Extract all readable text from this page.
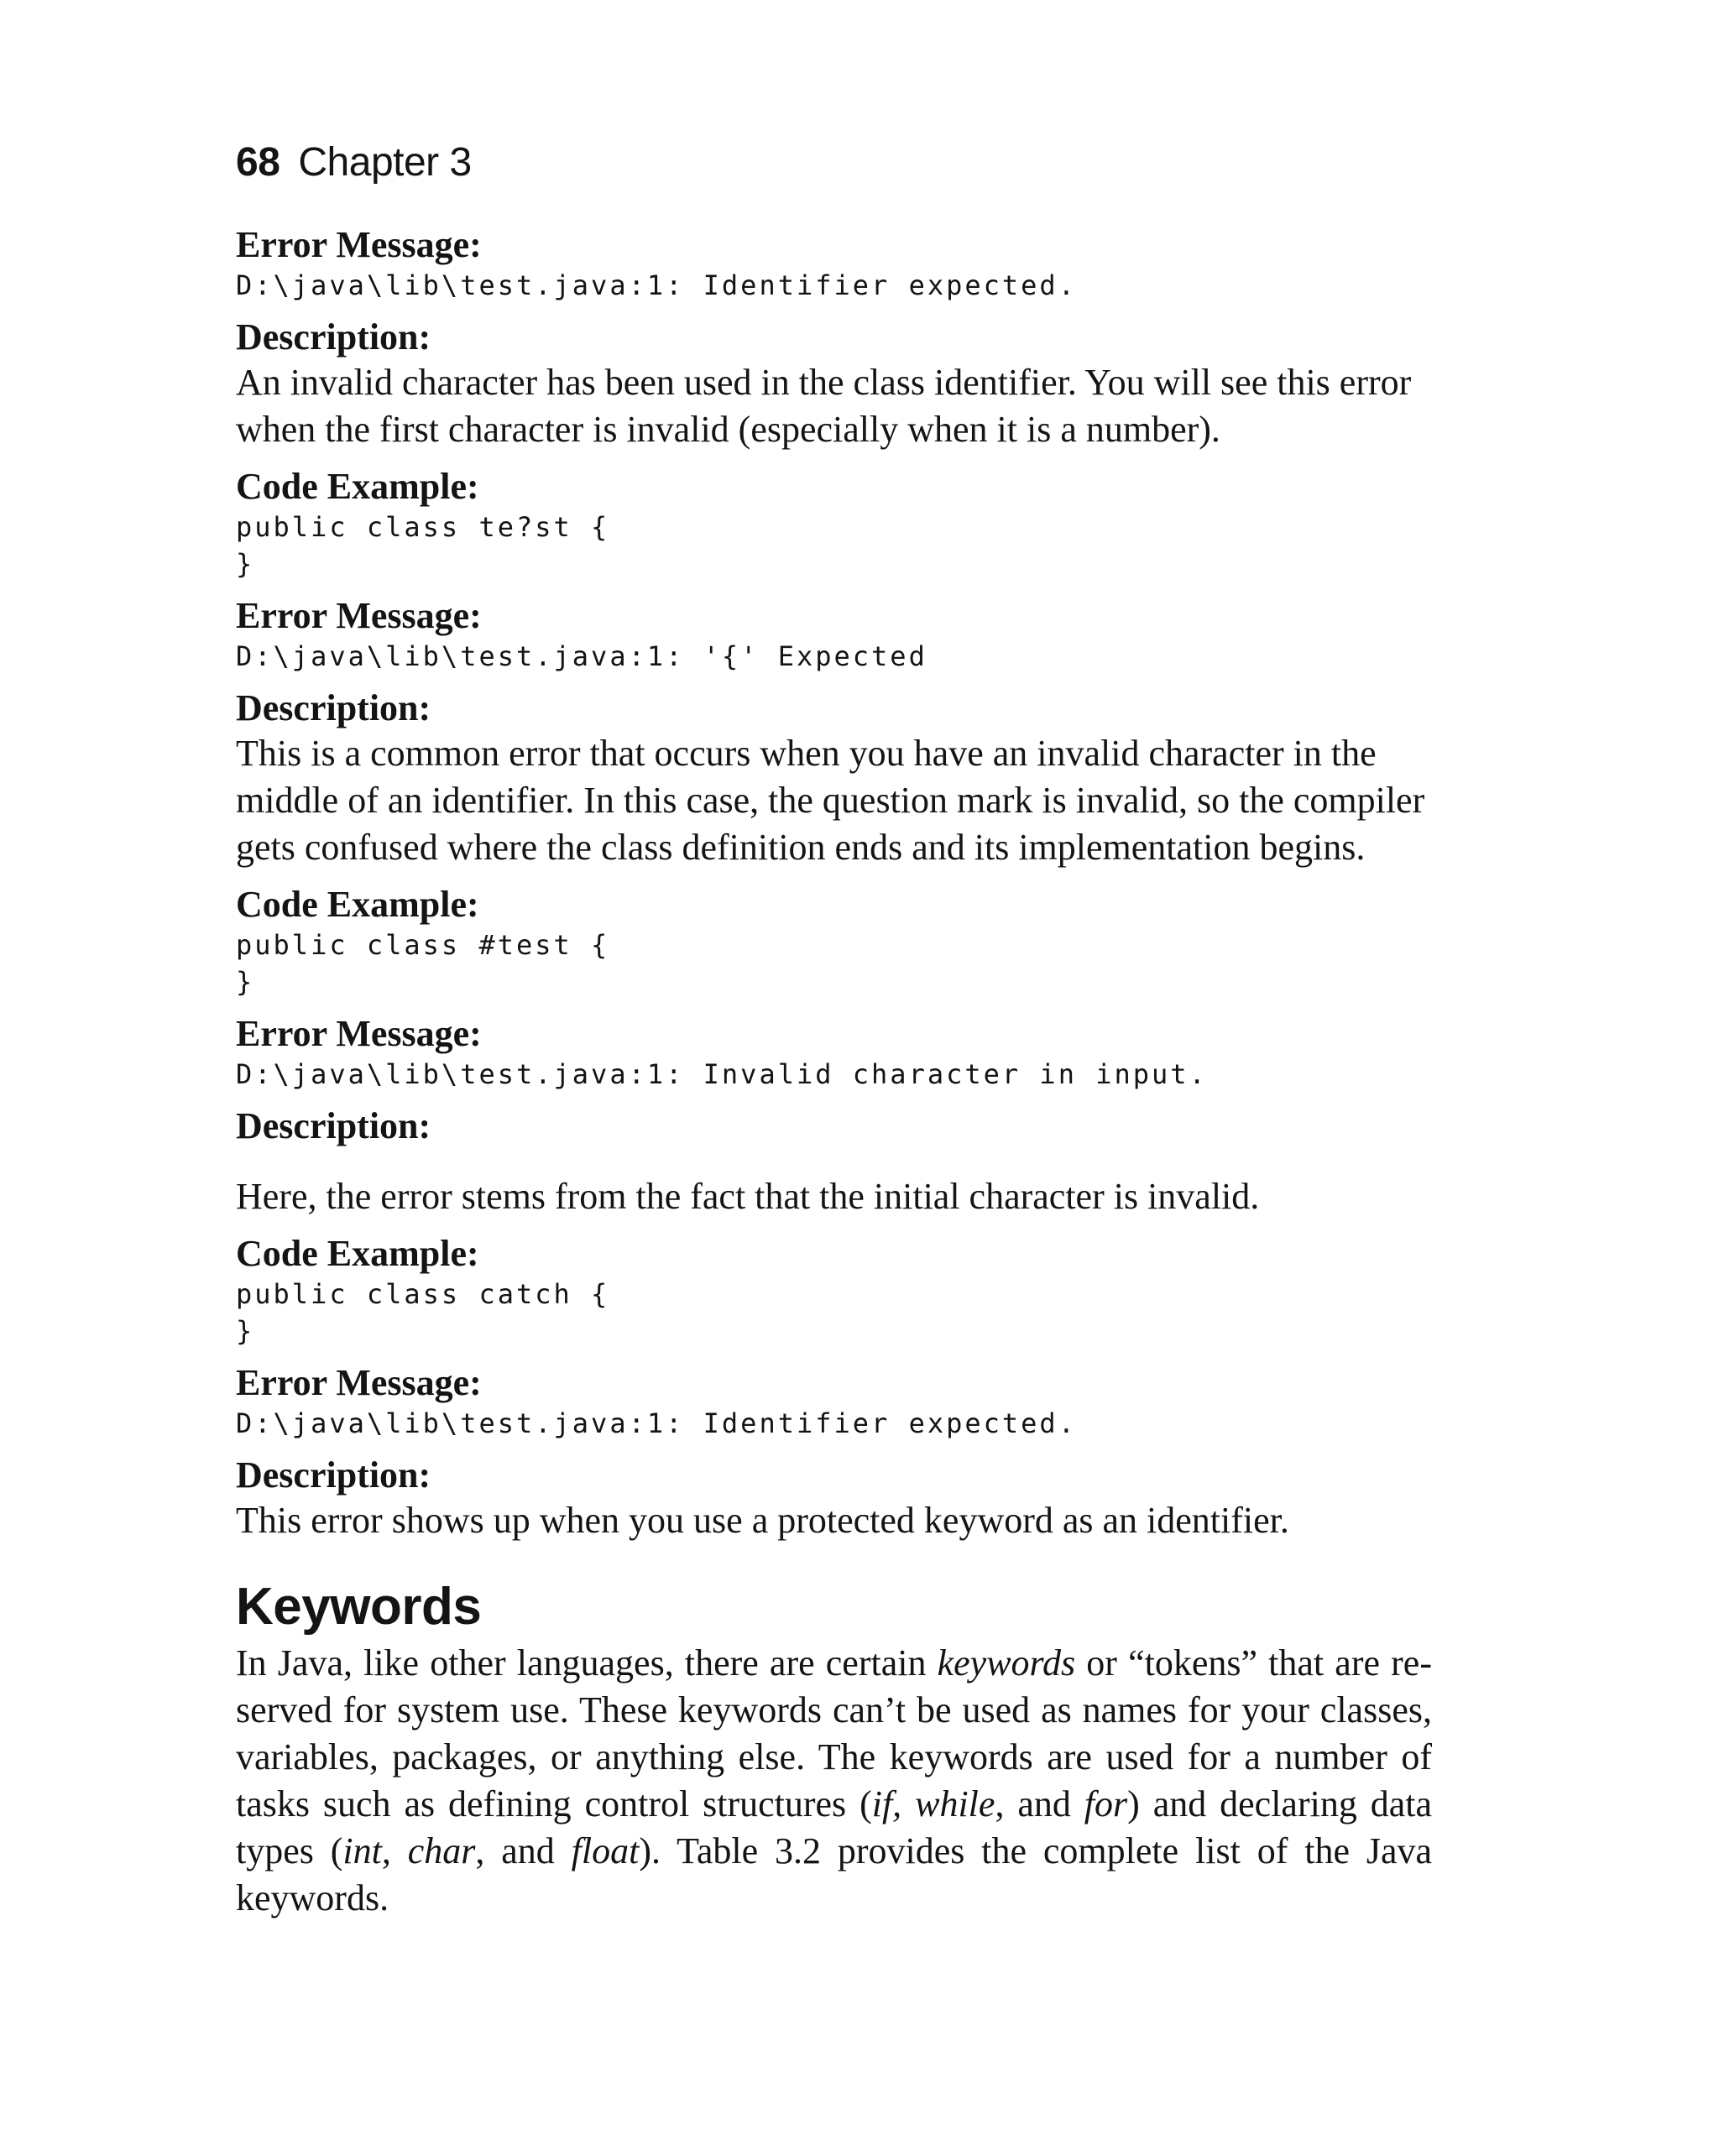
68 Chapter 3

Error Message:

D:\java\lib\test.java:1: Identifier expected.

Description:

An invalid character has been used in the class identifier. You will see this error

when the first character is invalid (especially when it is a number).

Code Example:

public class te?st {

}

Error Message:

D:\java\lib\test.java:1: '{' Expected

Description:

This is a common error that occurs when you have an invalid character in the

middle of an identifier. In this case, the question mark is invalid, so the compiler

gets confused where the class definition ends and its implementation begins.

Code Example:

public class #test {

}

Error Message:

D:\java\lib\test.java:1: Invalid character in input.

Description:

Here, the error stems from the fact that the initial character is invalid.

Code Example:

public class catch {

}

Error Message:

D:\java\lib\test.java:1: Identifier expected.

Description:

This error shows up when you use a protected keyword as an identifier.

Keywords

In Java, like other languages, there are certain keywords or “tokens” that are re-served for system use. These keywords can’t be used as names for your classes, variables, packages, or anything else. The keywords are used for a number of tasks such as defining control structures (if, while, and for) and declaring data types (int, char, and float). Table 3.2 provides the complete list of the Java keywords.
